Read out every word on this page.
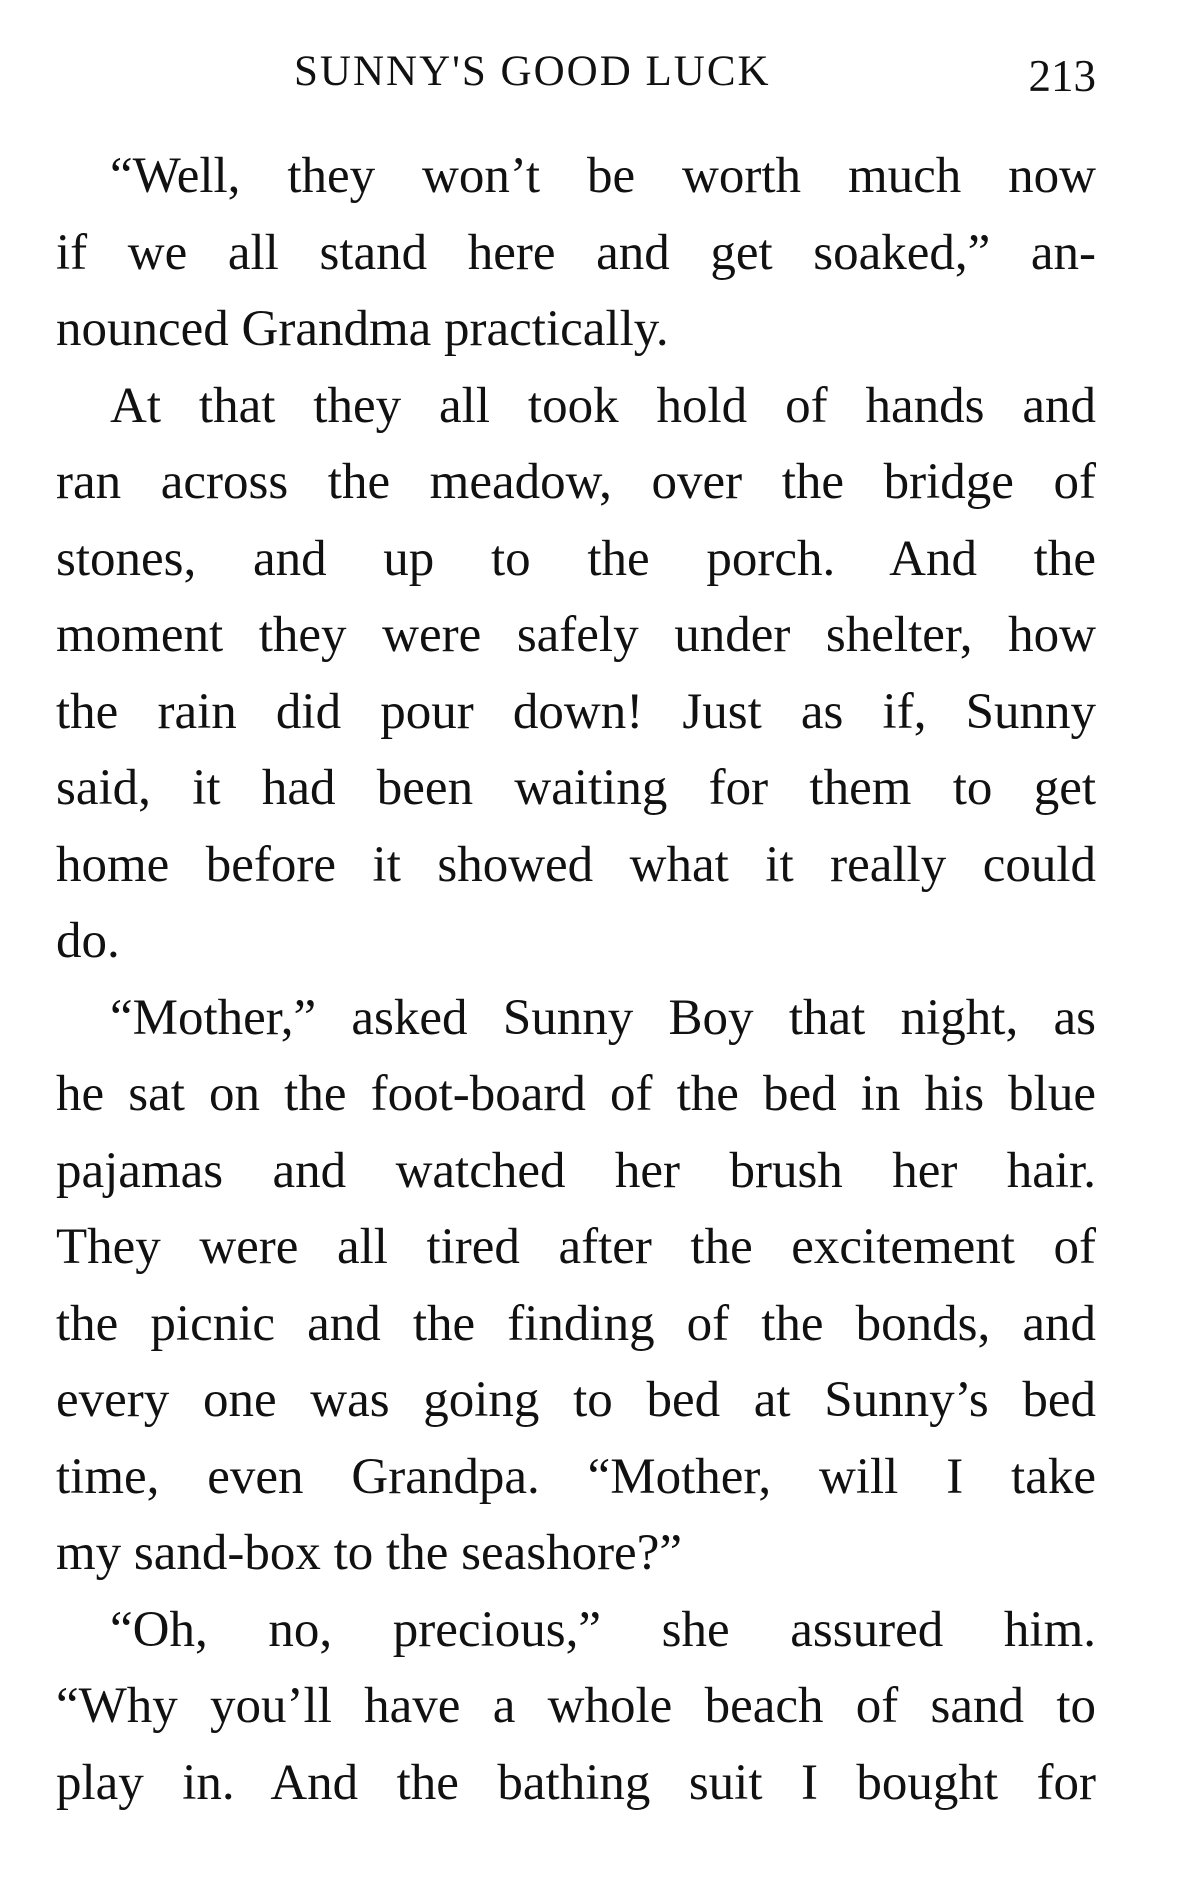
SUNNY'S GOOD LUCK	213
“Well, they won’t be worth much now
if we all stand here and get soaked,” an-
nounced Grandma practically.
At that they all took hold of hands and
ran across the meadow, over the bridge of
stones, and up to the porch. And the
moment they were safely under shelter, how
the rain did pour down! Just as if, Sunny
said, it had been waiting for them to get
home before it showed what it really could
do.
“Mother,” asked Sunny Boy that night, as
he sat on the foot-board of the bed in his blue
pajamas and watched her brush her hair.
They were all tired after the excitement of
the picnic and the finding of the bonds, and
every one was going to bed at Sunny’s bed
time, even Grandpa. “Mother, will I take
my sand-box to the seashore?”
“Oh, no, precious,” she assured him.
“Why you’ll have a whole beach of sand to
play in. And the bathing suit I bought for
